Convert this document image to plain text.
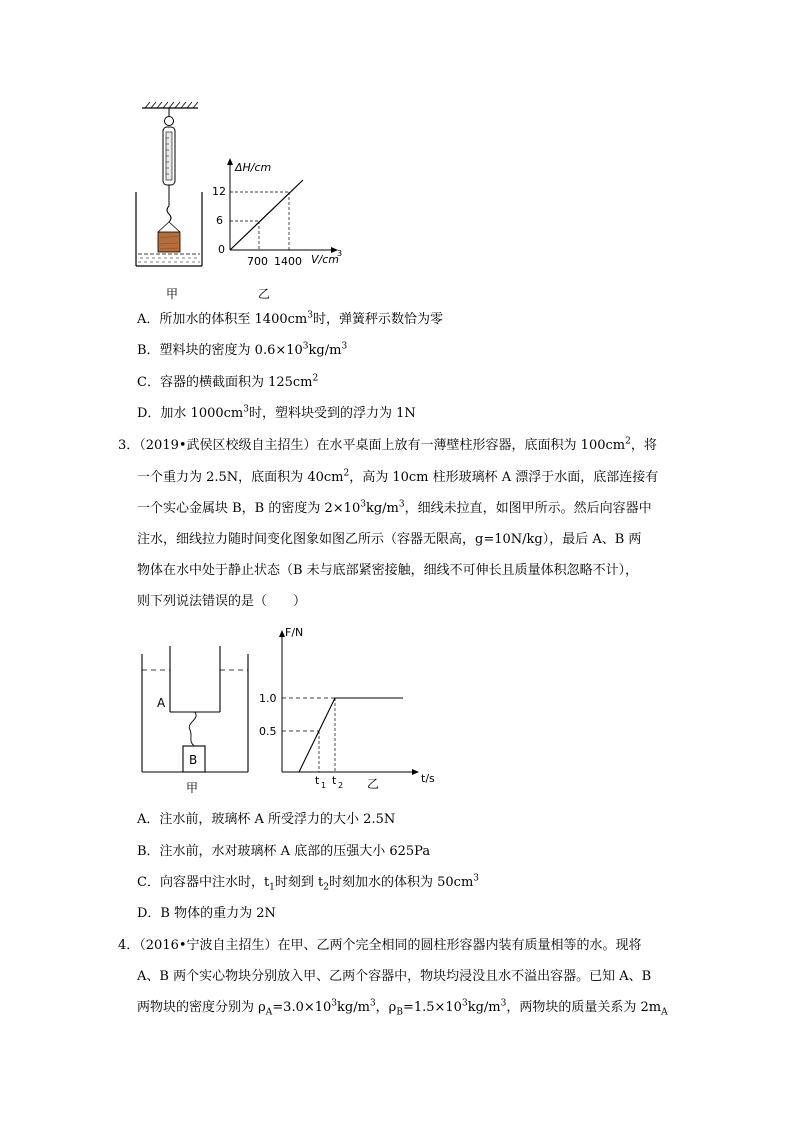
甲
ΔH/cm
12
6
0
700 1400 V/cm
3
乙
A．所加水的体积至 $1400cm^3$时，弹簧秤示数恰为零
B．塑料块的密度为 $0.6\times 10^3kg/m^3$
C．容器的横截面积为 $125cm^2$
D．加水 $1000cm^3$时，塑料块受到的浮力为 1N
3．（2019•武侯区校级自主招生）在水平桌面上放有一薄壁柱形容器，底面积为 $100cm^2$，将
一个重力为 2.5N，底面积为 $40cm^2$，高为 10cm 柱形玻璃杯 A 漂浮于水面，底部连接有
一个实心金属块 B，B 的密度为 $2\times 10^3kg/m^3$，细线未拉直，如图甲所示。然后向容器中
注水，细线拉力随时间变化图象如图乙所示（容器无限高，g=10N/kg），最后 A、B 两
物体在水中处于静止状态（B 未与底部紧密接触，细线不可伸长且质量体积忽略不计），
则下列说法错误的是（　　）
A
B
甲
F/N
t/s
1.0
0.5
t 1 t 2 乙
A．注水前，玻璃杯 A 所受浮力的大小 2.5N
B．注水前，水对玻璃杯 A 底部的压强大小 625Pa
C．向容器中注水时，$t_1$时刻到 $t_2$时刻加水的体积为 $50cm^3$
D．B 物体的重力为 2N
4．（2016•宁波自主招生）在甲、乙两个完全相同的圆柱形容器内装有质量相等的水。现将
A、B 两个实心物块分别放入甲、乙两个容器中，物块均浸没且水不溢出容器。已知 A、B
两物块的密度分别为 $\rho_A=3.0\times 10^3kg/m^3$，$\rho_B=1.5\times 10^3kg/m^3$，两物块的质量关系为 $2m_A$
